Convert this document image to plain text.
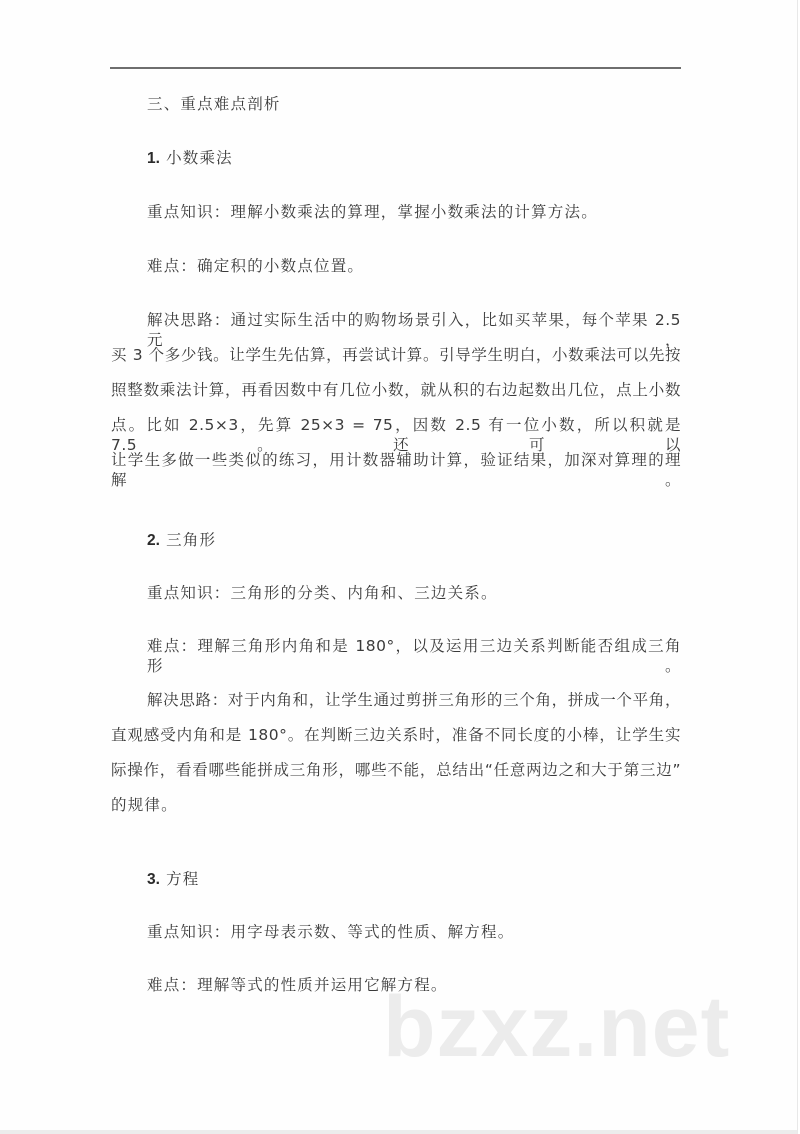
三、重点难点剖析
1. 小数乘法
重点知识：理解小数乘法的算理，掌握小数乘法的计算方法。
难点：确定积的小数点位置。
解决思路：通过实际生活中的购物场景引入，比如买苹果，每个苹果 2.5 元，
买 3 个多少钱。让学生先估算，再尝试计算。引导学生明白，小数乘法可以先按
照整数乘法计算，再看因数中有几位小数，就从积的右边起数出几位，点上小数
点。比如 2.5×3，先算 25×3 = 75，因数 2.5 有一位小数，所以积就是 7.5。还可以
让学生多做一些类似的练习，用计数器辅助计算，验证结果，加深对算理的理解。
2. 三角形
重点知识：三角形的分类、内角和、三边关系。
难点：理解三角形内角和是 180°，以及运用三边关系判断能否组成三角形。
解决思路：对于内角和，让学生通过剪拼三角形的三个角，拼成一个平角，
直观感受内角和是 180°。在判断三边关系时，准备不同长度的小棒，让学生实
际操作，看看哪些能拼成三角形，哪些不能，总结出“任意两边之和大于第三边”
的规律。
3. 方程
重点知识：用字母表示数、等式的性质、解方程。
难点：理解等式的性质并运用它解方程。
bzxz.net
